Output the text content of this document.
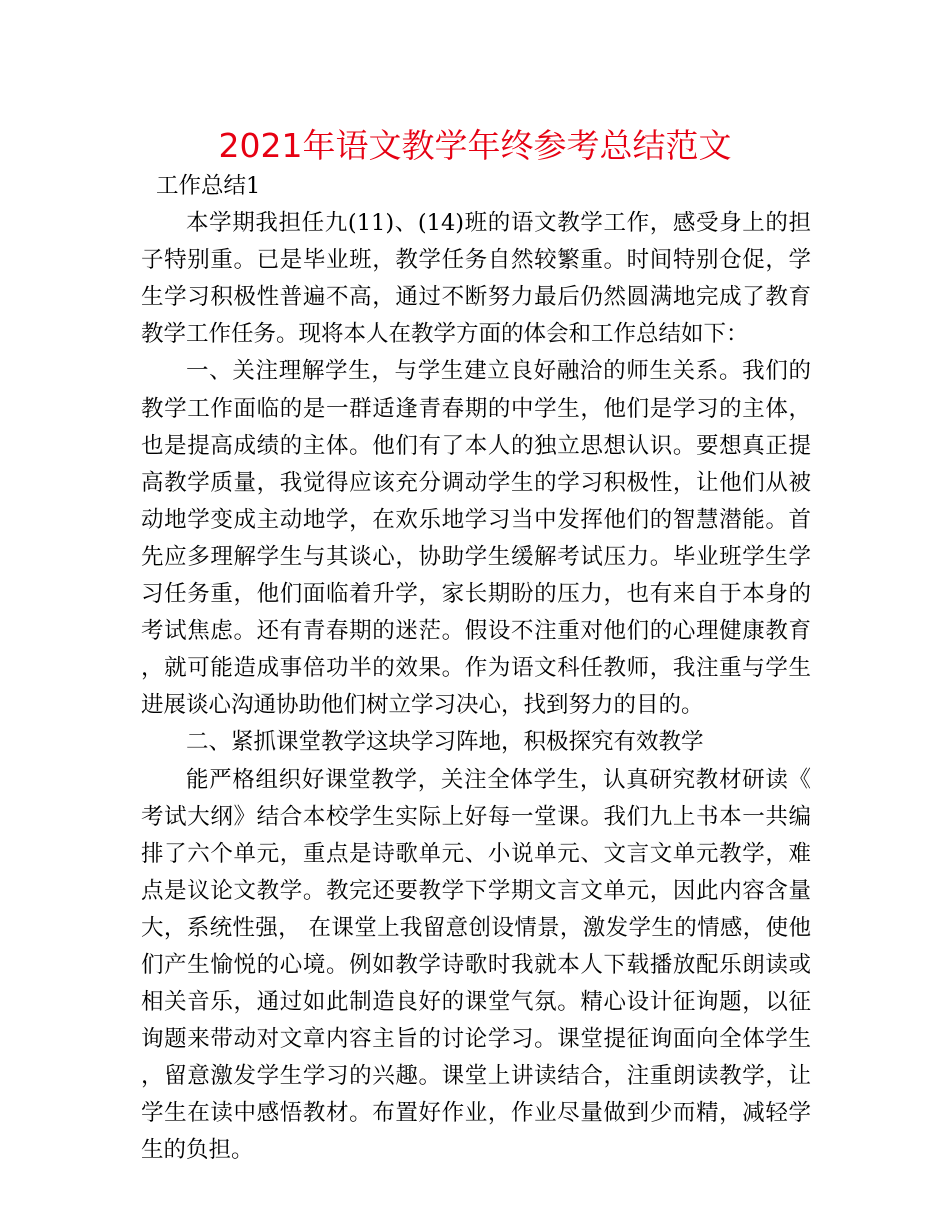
2021年语文教学年终参考总结范文

工作总结1

本学期我担任九(11)、(14)班的语文教学工作，感受身上的担子特别重。已是毕业班，教学任务自然较繁重。时间特别仓促，学生学习积极性普遍不高，通过不断努力最后仍然圆满地完成了教育教学工作任务。现将本人在教学方面的体会和工作总结如下：

一、关注理解学生，与学生建立良好融洽的师生关系。我们的教学工作面临的是一群适逢青春期的中学生，他们是学习的主体，也是提高成绩的主体。他们有了本人的独立思想认识。要想真正提高教学质量，我觉得应该充分调动学生的学习积极性，让他们从被动地学变成主动地学，在欢乐地学习当中发挥他们的智慧潜能。首先应多理解学生与其谈心，协助学生缓解考试压力。毕业班学生学习任务重，他们面临着升学，家长期盼的压力，也有来自于本身的考试焦虑。还有青春期的迷茫。假设不注重对他们的心理健康教育，就可能造成事倍功半的效果。作为语文科任教师，我注重与学生进展谈心沟通协助他们树立学习决心，找到努力的目的。

二、紧抓课堂教学这块学习阵地，积极探究有效教学

能严格组织好课堂教学，关注全体学生，认真研究教材研读《考试大纲》结合本校学生实际上好每一堂课。我们九上书本一共编排了六个单元，重点是诗歌单元、小说单元、文言文单元教学，难点是议论文教学。教完还要教学下学期文言文单元，因此内容含量大，系统性强， 在课堂上我留意创设情景，激发学生的情感，使他们产生愉悦的心境。例如教学诗歌时我就本人下载播放配乐朗读或相关音乐，通过如此制造良好的课堂气氛。精心设计征询题，以征询题来带动对文章内容主旨的讨论学习。课堂提征询面向全体学生，留意激发学生学习的兴趣。课堂上讲读结合，注重朗读教学，让学生在读中感悟教材。布置好作业，作业尽量做到少而精，减轻学生的负担。
